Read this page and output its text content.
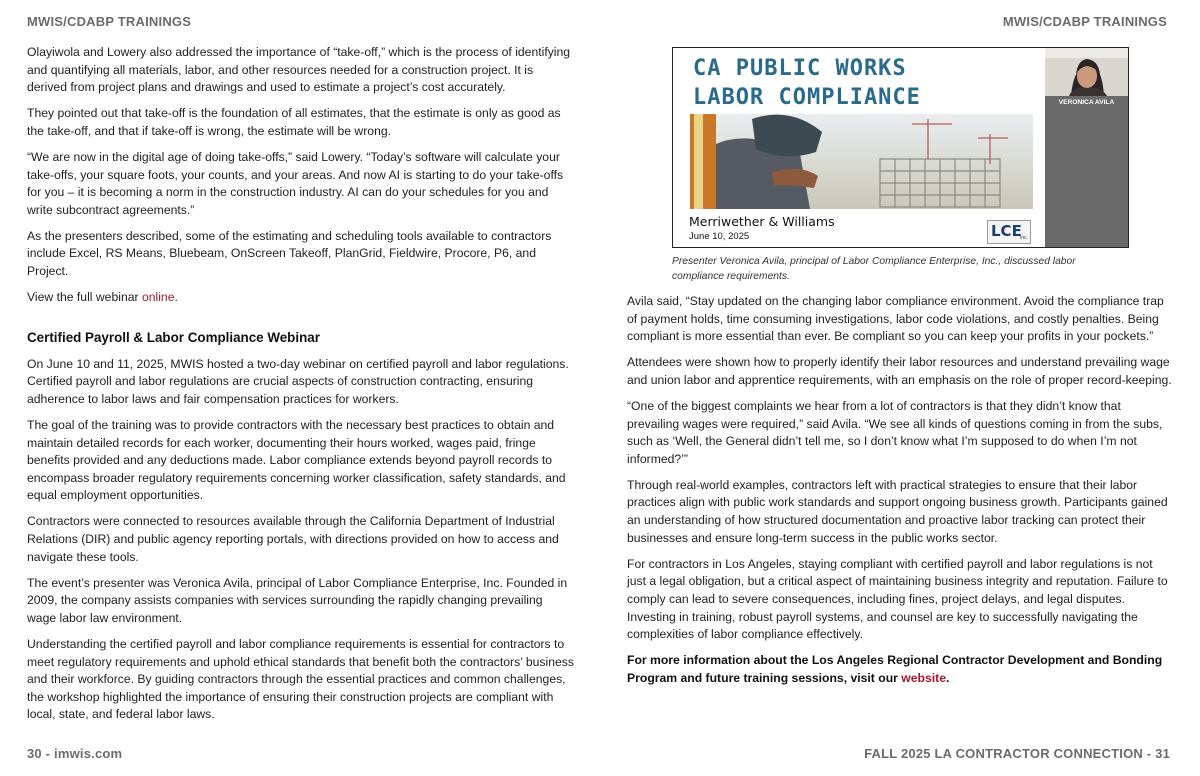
MWIS/CDABP TRAININGS	MWIS/CDABP TRAININGS

Olayiwola and Lowery also addressed the importance of “take-off,” which is the process of identifying and quantifying all materials, labor, and other resources needed for a construction project. It is derived from project plans and drawings and used to estimate a project’s cost accurately.

They pointed out that take-off is the foundation of all estimates, that the estimate is only as good as the take-off, and that if take-off is wrong, the estimate will be wrong.

“We are now in the digital age of doing take-offs,” said Lowery. “Today’s software will calculate your take-offs, your square foots, your counts, and your areas. And now AI is starting to do your take-offs for you – it is becoming a norm in the construction industry. AI can do your schedules for you and write subcontract agreements.”

As the presenters described, some of the estimating and scheduling tools available to contractors include Excel, RS Means, Bluebeam, OnScreen Takeoff, PlanGrid, Fieldwire, Procore, P6, and Project.

View the full webinar online.

Certified Payroll & Labor Compliance Webinar

On June 10 and 11, 2025, MWIS hosted a two-day webinar on certified payroll and labor regulations. Certified payroll and labor regulations are crucial aspects of construction contracting, ensuring adherence to labor laws and fair compensation practices for workers.

The goal of the training was to provide contractors with the necessary best practices to obtain and maintain detailed records for each worker, documenting their hours worked, wages paid, fringe benefits provided and any deductions made. Labor compliance extends beyond payroll records to encompass broader regulatory requirements concerning worker classification, safety standards, and equal employment opportunities.

Contractors were connected to resources available through the California Department of Industrial Relations (DIR) and public agency reporting portals, with directions provided on how to access and navigate these tools.

The event’s presenter was Veronica Avila, principal of Labor Compliance Enterprise, Inc. Founded in 2009, the company assists companies with services surrounding the rapidly changing prevailing wage labor law environment.

Understanding the certified payroll and labor compliance requirements is essential for contractors to meet regulatory requirements and uphold ethical standards that benefit both the contractors’ business and their workforce. By guiding contractors through the essential practices and common challenges, the workshop highlighted the importance of ensuring their construction projects are compliant with local, state, and federal labor laws.

CA PUBLIC WORKS
LABOR COMPLIANCE
Merriwether & Williams
June 10, 2025	LCE
inc.
VERONICA AVILA
Presenter Veronica Avila, principal of Labor Compliance Enterprise, Inc., discussed labor compliance requirements.

Avila said, “Stay updated on the changing labor compliance environment. Avoid the compliance trap of payment holds, time consuming investigations, labor code violations, and costly penalties. Being compliant is more essential than ever. Be compliant so you can keep your profits in your pockets.”

Attendees were shown how to properly identify their labor resources and understand prevailing wage and union labor and apprentice requirements, with an emphasis on the role of proper record-keeping.

“One of the biggest complaints we hear from a lot of contractors is that they didn’t know that prevailing wages were required,” said Avila. “We see all kinds of questions coming in from the subs, such as ‘Well, the General didn’t tell me, so I don’t know what I’m supposed to do when I’m not informed?’”

Through real-world examples, contractors left with practical strategies to ensure that their labor practices align with public work standards and support ongoing business growth. Participants gained an understanding of how structured documentation and proactive labor tracking can protect their businesses and ensure long-term success in the public works sector.

For contractors in Los Angeles, staying compliant with certified payroll and labor regulations is not just a legal obligation, but a critical aspect of maintaining business integrity and reputation. Failure to comply can lead to severe consequences, including fines, project delays, and legal disputes. Investing in training, robust payroll systems, and counsel are key to successfully navigating the complexities of labor compliance effectively.

For more information about the Los Angeles Regional Contractor Development and Bonding Program and future training sessions, visit our website.

30 - imwis.com	FALL 2025 LA CONTRACTOR CONNECTION - 31
